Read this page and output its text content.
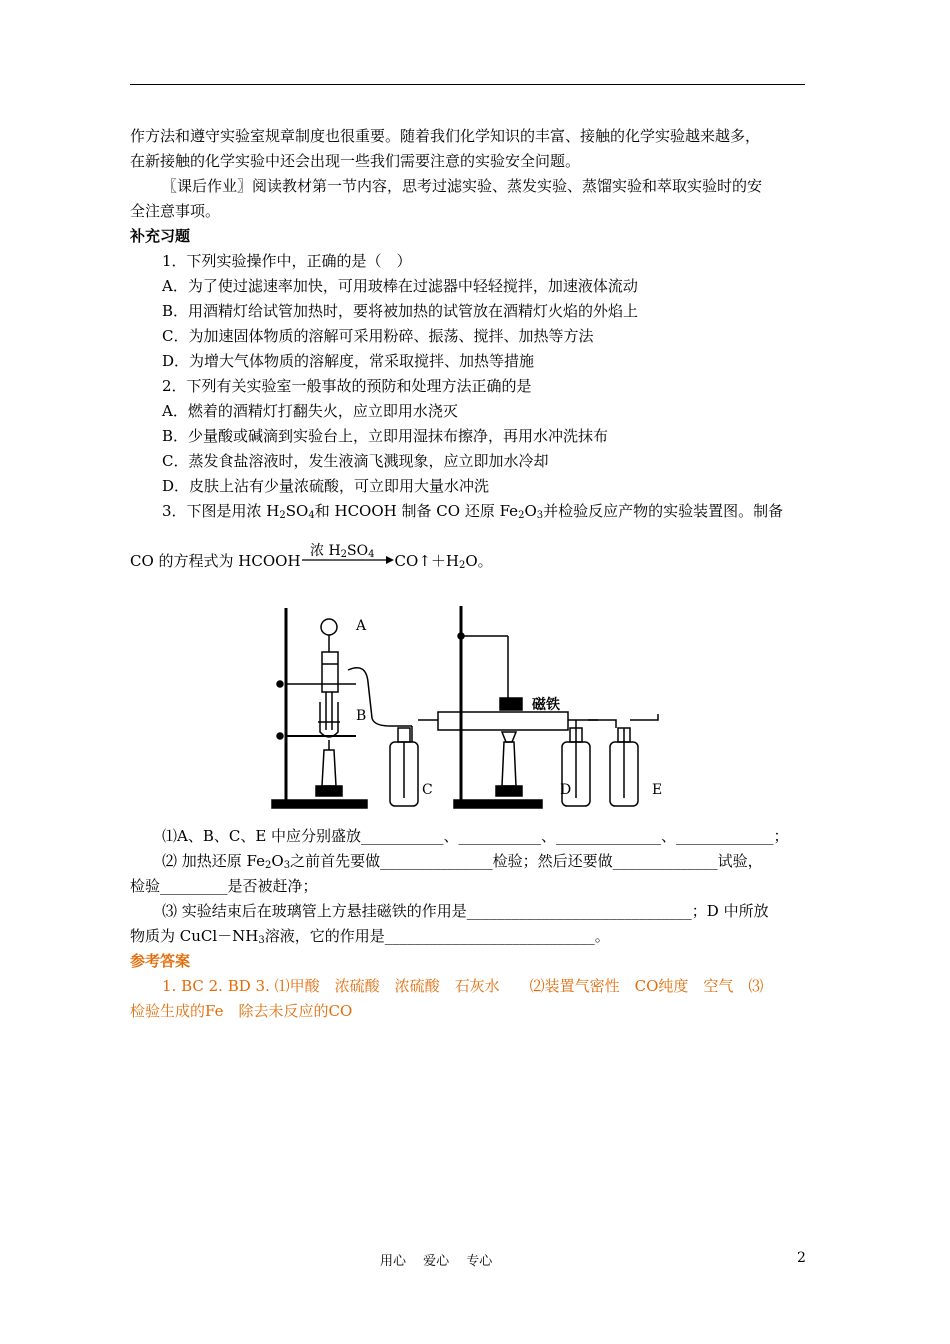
作方法和遵守实验室规章制度也很重要。随着我们化学知识的丰富、接触的化学实验越来越多，
在新接触的化学实验中还会出现一些我们需要注意的实验安全问题。
〖课后作业〗阅读教材第一节内容，思考过滤实验、蒸发实验、蒸馏实验和萃取实验时的安
全注意事项。
补充习题
1．下列实验操作中，正确的是（　）
A．为了使过滤速率加快，可用玻棒在过滤器中轻轻搅拌，加速液体流动
B．用酒精灯给试管加热时，要将被加热的试管放在酒精灯火焰的外焰上
C．为加速固体物质的溶解可采用粉碎、振荡、搅拌、加热等方法
D．为增大气体物质的溶解度，常采取搅拌、加热等措施
2．下列有关实验室一般事故的预防和处理方法正确的是
A．燃着的酒精灯打翻失火，应立即用水浇灭
B．少量酸或碱滴到实验台上，立即用湿抹布擦净，再用水冲洗抹布
C．蒸发食盐溶液时，发生液滴飞溅现象，应立即加水冷却
D．皮肤上沾有少量浓硫酸，可立即用大量水冲洗
3．下图是用浓 $H_2SO_4$和 HCOOH 制备 CO 还原 $Fe_2O_3$并检验反应产物的实验装置图。制备
CO 的方程式为 HCOOH	$CO↑+H_2O$。
浓 $H_2SO_4$
A
B
C	D	E
磁铁
⑴A、B、C、E 中应分别盛放___________、___________、______________、_____________；
⑵ 加热还原 $Fe_2O_3$之前首先要做_______________检验；然后还要做______________试验，
检验_________是否被赶净；
⑶ 实验结束后在玻璃管上方悬挂磁铁的作用是______________________________；D 中所放
物质为 $CuCl-NH_3$溶液，它的作用是____________________________。
参考答案
1. BC 2. BD 3. ⑴甲酸　浓硫酸　浓硫酸　石灰水　　⑵装置气密性　CO纯度　空气　⑶
检验生成的Fe　除去未反应的CO
用心　 爱心　 专心	2
